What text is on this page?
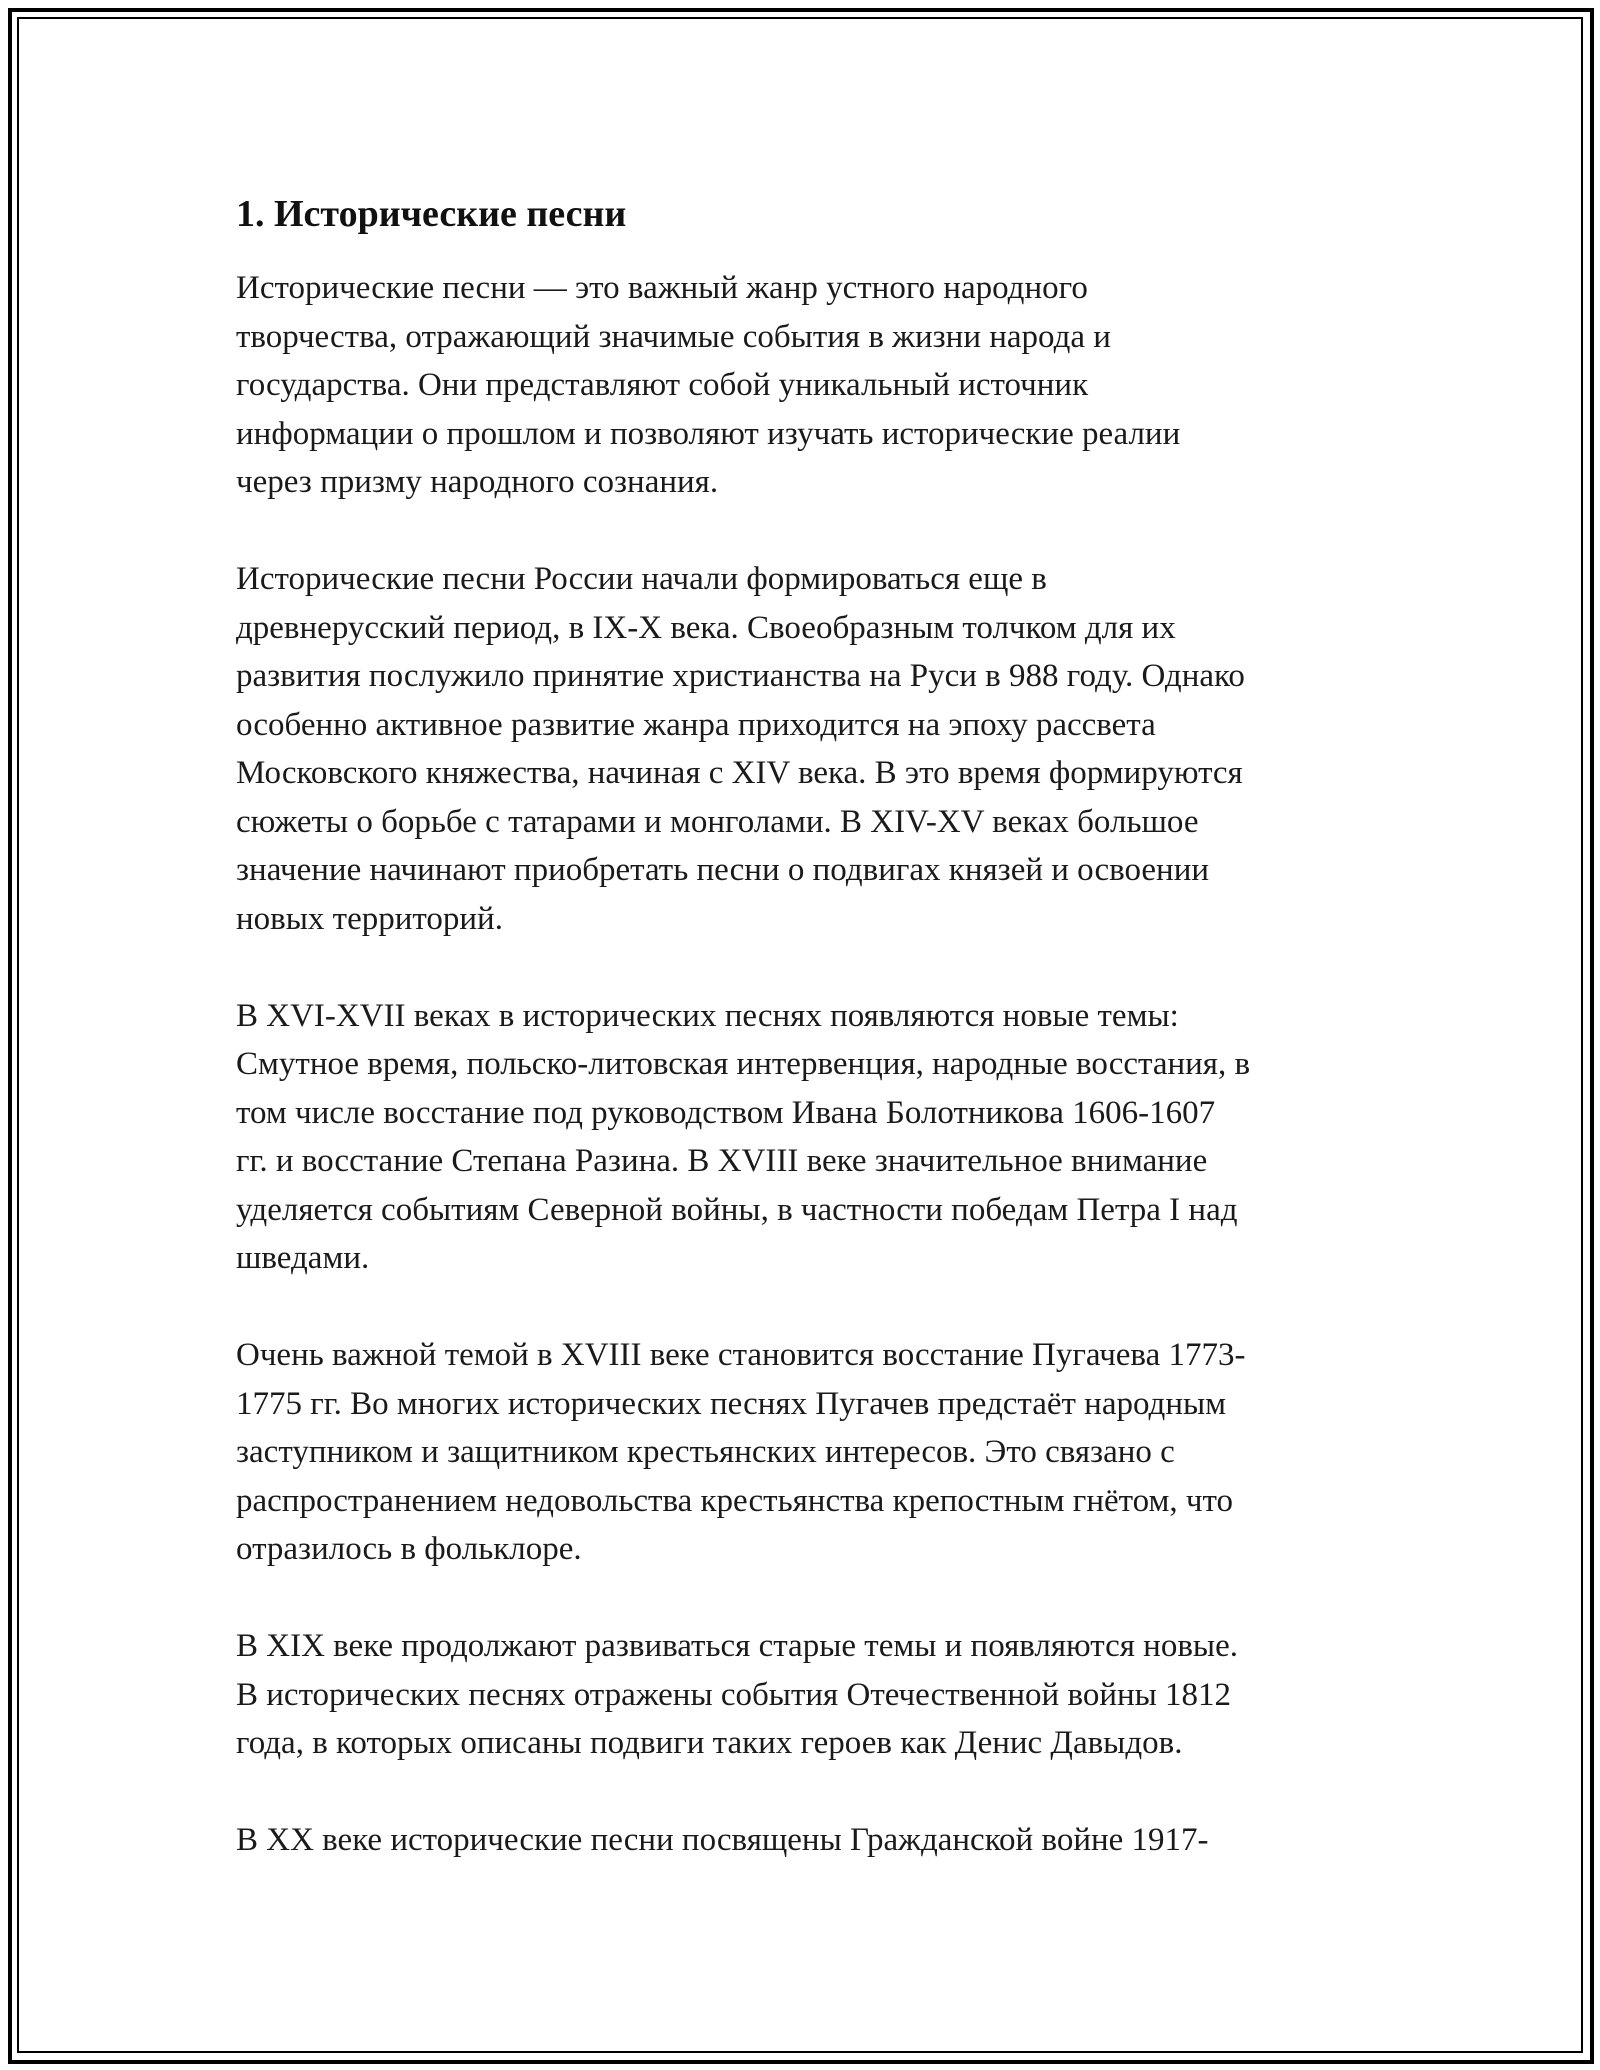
1. Исторические песни
Исторические песни — это важный жанр устного народного
творчества, отражающий значимые события в жизни народа и
государства. Они представляют собой уникальный источник
информации о прошлом и позволяют изучать исторические реалии
через призму народного сознания.
Исторические песни России начали формироваться еще в
древнерусский период, в IX-X века. Своеобразным толчком для их
развития послужило принятие христианства на Руси в 988 году. Однако
особенно активное развитие жанра приходится на эпоху рассвета
Московского княжества, начиная с XIV века. В это время формируются
сюжеты о борьбе с татарами и монголами. В XIV-XV веках большое
значение начинают приобретать песни о подвигах князей и освоении
новых территорий.
В XVI-XVII веках в исторических песнях появляются новые темы:
Смутное время, польско-литовская интервенция, народные восстания, в
том числе восстание под руководством Ивана Болотникова 1606-1607
гг. и восстание Степана Разина. В XVIII веке значительное внимание
уделяется событиям Северной войны, в частности победам Петра I над
шведами.
Очень важной темой в XVIII веке становится восстание Пугачева 1773-
1775 гг. Во многих исторических песнях Пугачев предстаёт народным
заступником и защитником крестьянских интересов. Это связано с
распространением недовольства крестьянства крепостным гнётом, что
отразилось в фольклоре.
В XIX веке продолжают развиваться старые темы и появляются новые.
В исторических песнях отражены события Отечественной войны 1812
года, в которых описаны подвиги таких героев как Денис Давыдов.
В XX веке исторические песни посвящены Гражданской войне 1917-
